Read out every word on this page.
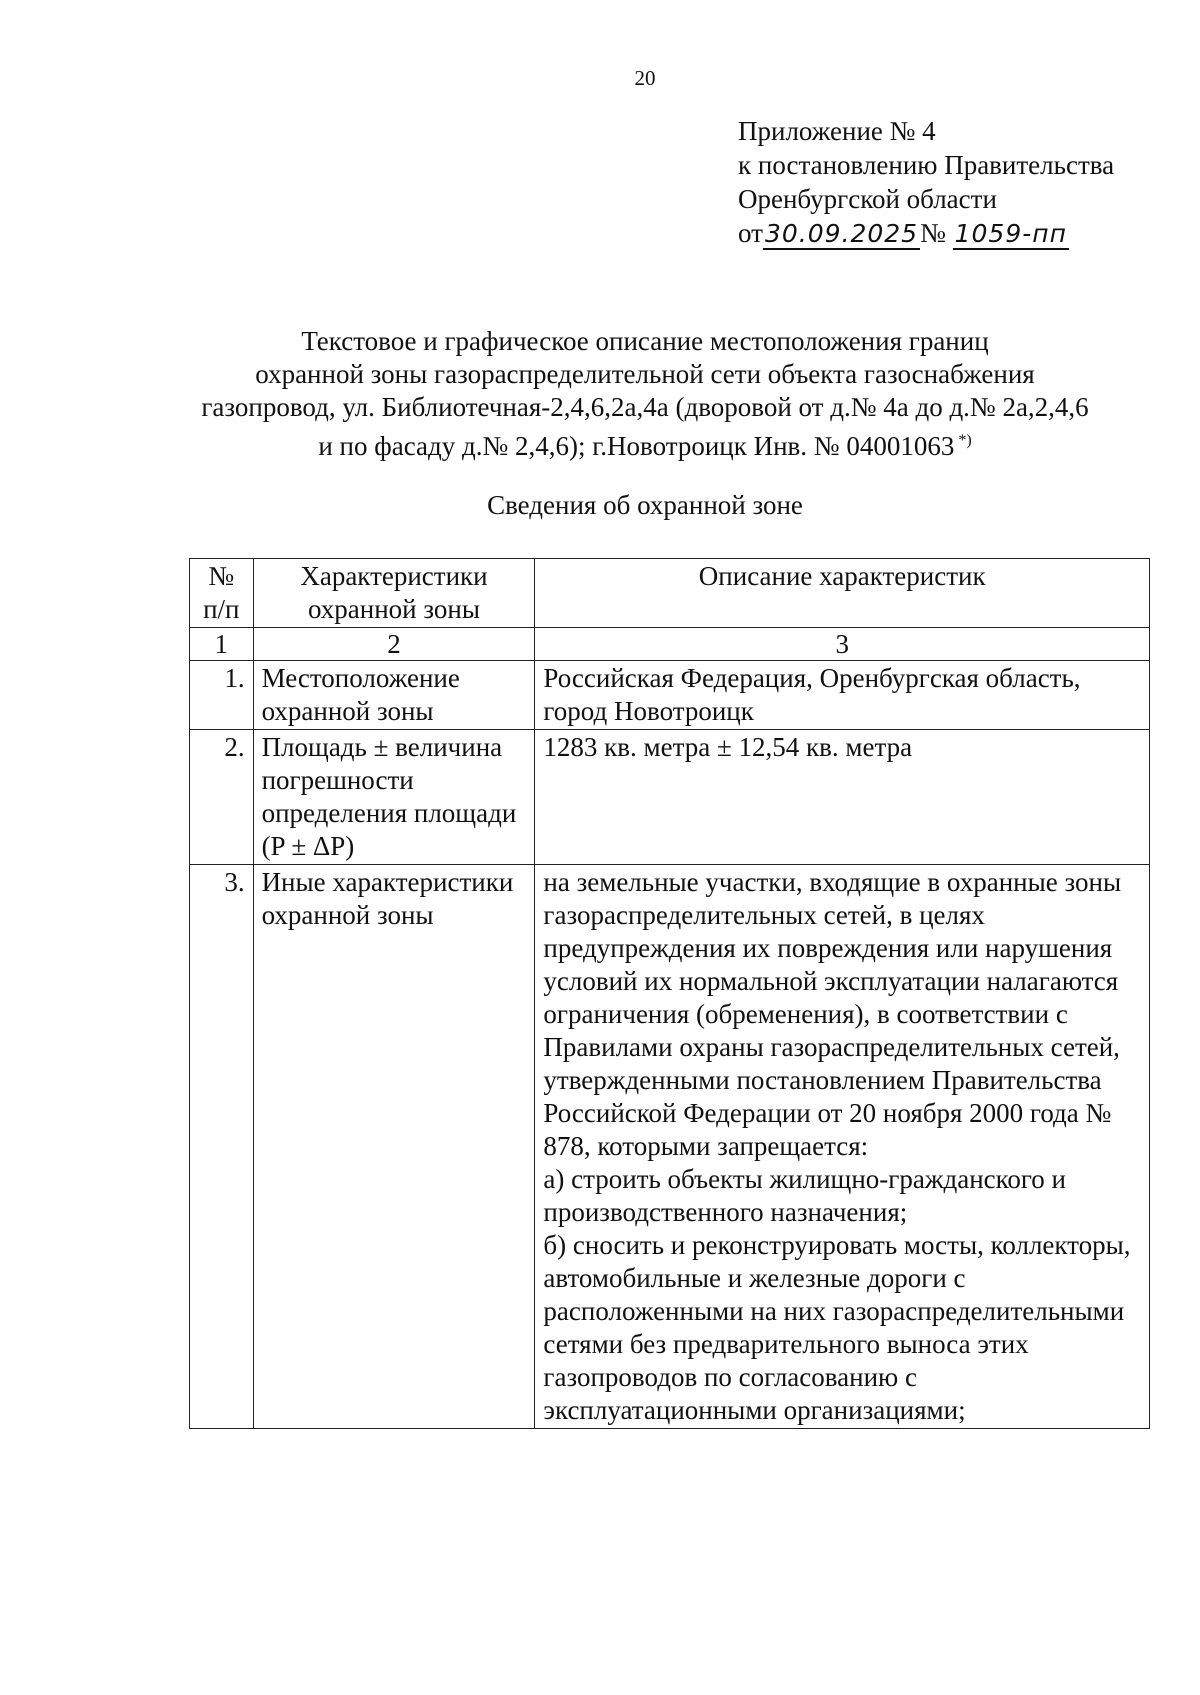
20
Приложение № 4
к постановлению Правительства
Оренбургской области
от30.09.2025№ 1059-пп
Текстовое и графическое описание местоположения границ
охранной зоны газораспределительной сети объекта газоснабжения
газопровод, ул. Библиотечная-2,4,6,2а,4а (дворовой от д.№ 4а до д.№ 2а,2,4,6
и по фасаду д.№ 2,4,6); г.Новотроицк Инв. № 04001063 *)
Сведения об охранной зоне
№ п/п	Характеристики охранной зоны	Описание характеристик
1	2	3
1.	Местоположение охранной зоны	Российская Федерация, Оренбургская область, город Новотроицк
2.	Площадь ± величина погрешности определения площади (P ± ΔP)	1283 кв. метра ± 12,54 кв. метра
3.	Иные характеристики охранной зоны	на земельные участки, входящие в охранные зоны газораспределительных сетей, в целях предупреждения их повреждения или нарушения условий их нормальной эксплуатации налагаются ограничения (обременения), в соответствии с Правилами охраны газораспределительных сетей, утвержденными постановлением Правительства Российской Федерации от 20 ноября 2000 года № 878, которыми запрещается:
а) строить объекты жилищно-гражданского и производственного назначения;
б) сносить и реконструировать мосты, коллекторы, автомобильные и железные дороги с расположенными на них газораспределительными сетями без предварительного выноса этих газопроводов по согласованию с эксплуатационными организациями;
